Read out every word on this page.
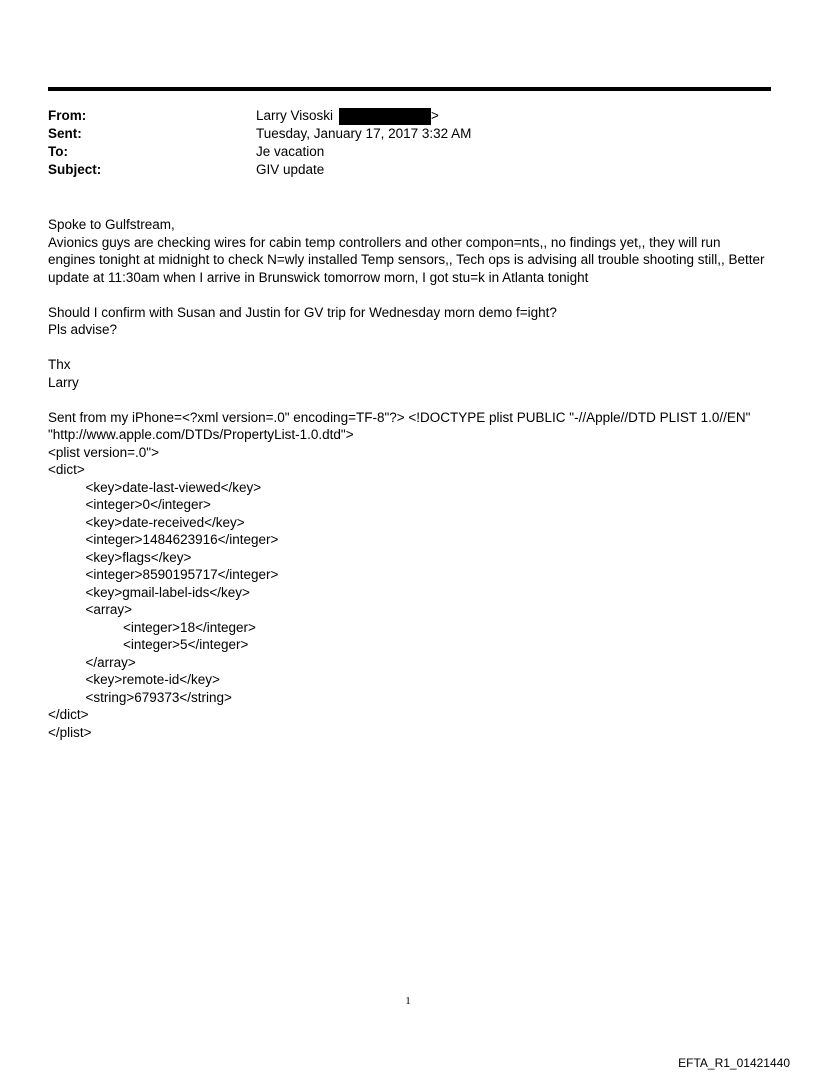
From:	Larry Visoski	>
Sent:	Tuesday, January 17, 2017 3:32 AM
To:	Je vacation
Subject:	GIV update
Spoke to Gulfstream,
Avionics guys are checking wires for cabin temp controllers and other compon=nts,, no findings yet,, they will run
engines tonight at midnight to check N=wly installed Temp sensors,, Tech ops is advising all trouble shooting still,, Better
update at 11:30am when I arrive in Brunswick tomorrow morn, I got stu=k in Atlanta tonight

Should I confirm with Susan and Justin for GV trip for Wednesday morn demo f=ight?
Pls advise?

Thx
Larry

Sent from my iPhone=<?xml version=.0" encoding=TF-8"?> <!DOCTYPE plist PUBLIC "-//Apple//DTD PLIST 1.0//EN"
"http://www.apple.com/DTDs/PropertyList-1.0.dtd">
<plist version=.0">
<dict>
<key>date-last-viewed</key>
<integer>0</integer>
<key>date-received</key>
<integer>1484623916</integer>
<key>flags</key>
<integer>8590195717</integer>
<key>gmail-label-ids</key>
<array>
<integer>18</integer>
<integer>5</integer>
</array>
<key>remote-id</key>
<string>679373</string>
</dict>
</plist>
1
EFTA_R1_01421440
